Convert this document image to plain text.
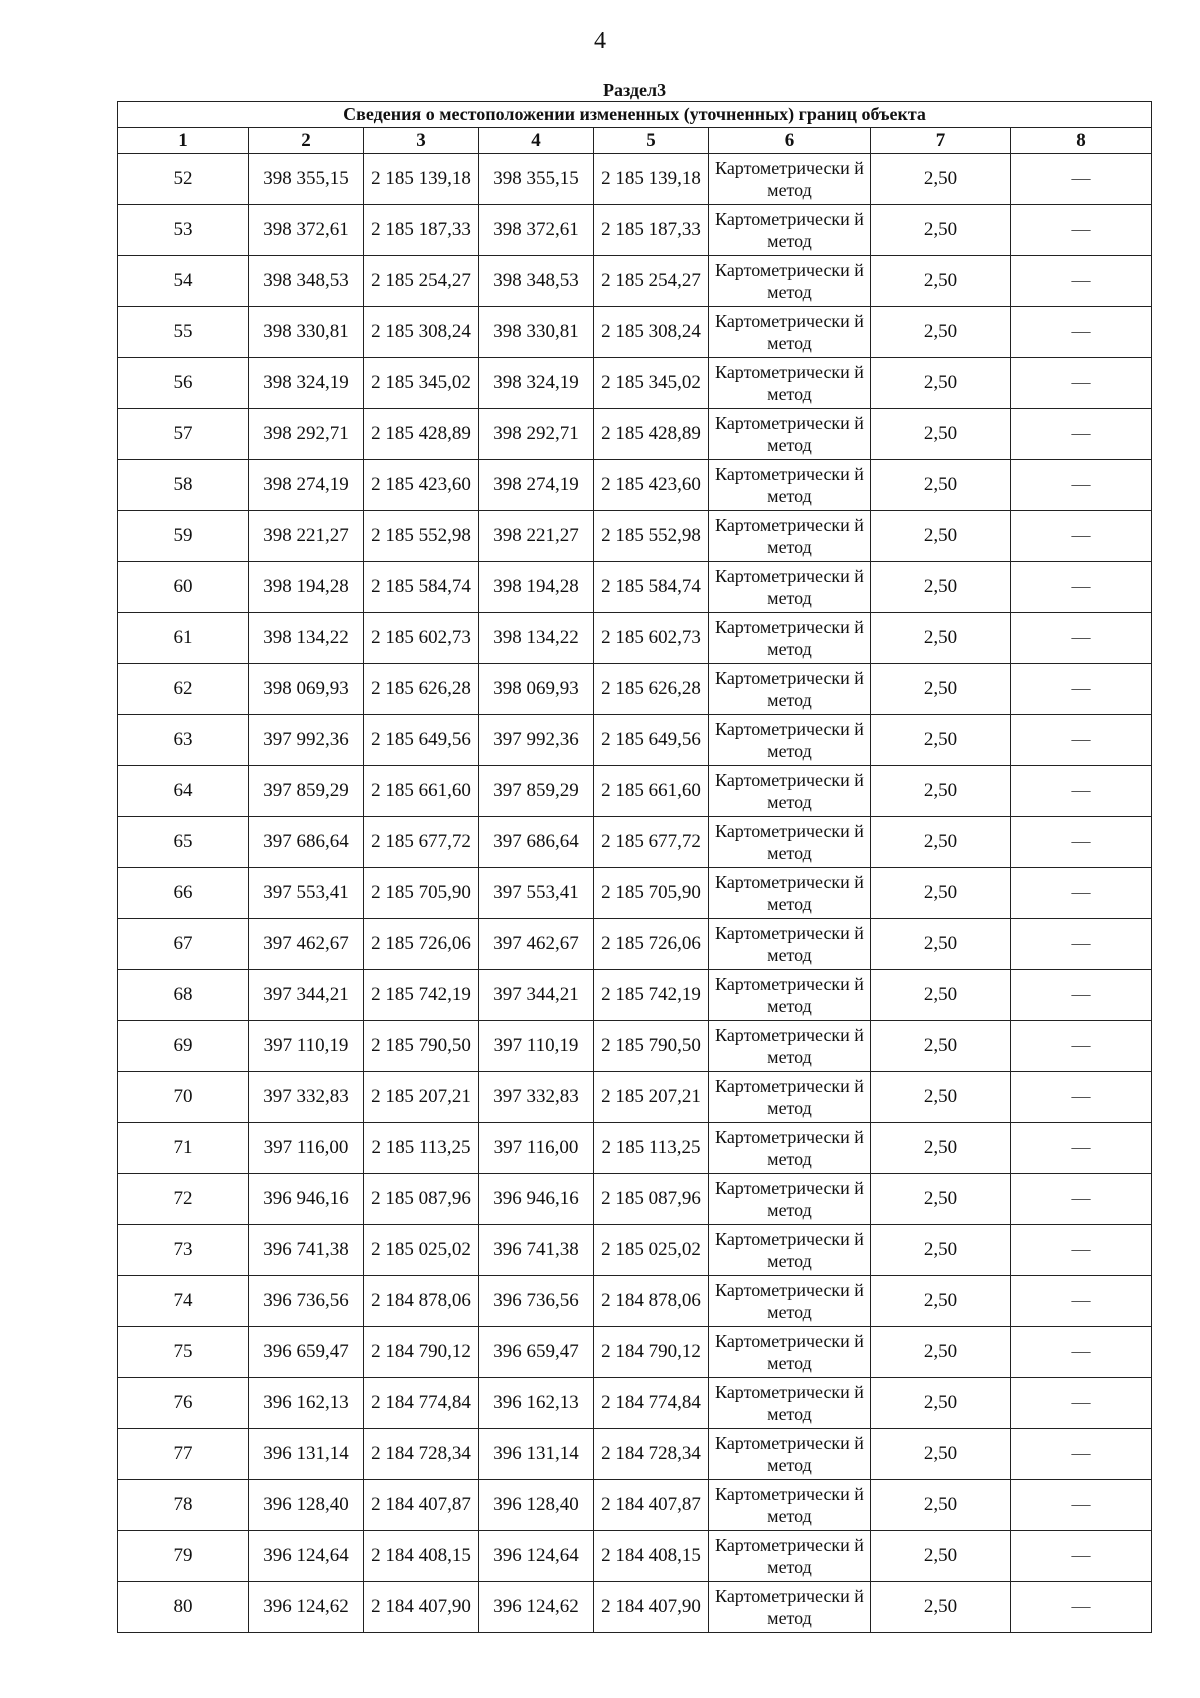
4
Раздел3							
Сведения о местоположении измененных (уточненных) границ объекта							
1	2	3	4	5	6	7	8
52	398 355,15	2 185 139,18	398 355,15	2 185 139,18	Картометрически й метод	2,50	—
53	398 372,61	2 185 187,33	398 372,61	2 185 187,33	Картометрически й метод	2,50	—
54	398 348,53	2 185 254,27	398 348,53	2 185 254,27	Картометрически й метод	2,50	—
55	398 330,81	2 185 308,24	398 330,81	2 185 308,24	Картометрически й метод	2,50	—
56	398 324,19	2 185 345,02	398 324,19	2 185 345,02	Картометрически й метод	2,50	—
57	398 292,71	2 185 428,89	398 292,71	2 185 428,89	Картометрически й метод	2,50	—
58	398 274,19	2 185 423,60	398 274,19	2 185 423,60	Картометрически й метод	2,50	—
59	398 221,27	2 185 552,98	398 221,27	2 185 552,98	Картометрически й метод	2,50	—
60	398 194,28	2 185 584,74	398 194,28	2 185 584,74	Картометрически й метод	2,50	—
61	398 134,22	2 185 602,73	398 134,22	2 185 602,73	Картометрически й метод	2,50	—
62	398 069,93	2 185 626,28	398 069,93	2 185 626,28	Картометрически й метод	2,50	—
63	397 992,36	2 185 649,56	397 992,36	2 185 649,56	Картометрически й метод	2,50	—
64	397 859,29	2 185 661,60	397 859,29	2 185 661,60	Картометрически й метод	2,50	—
65	397 686,64	2 185 677,72	397 686,64	2 185 677,72	Картометрически й метод	2,50	—
66	397 553,41	2 185 705,90	397 553,41	2 185 705,90	Картометрически й метод	2,50	—
67	397 462,67	2 185 726,06	397 462,67	2 185 726,06	Картометрически й метод	2,50	—
68	397 344,21	2 185 742,19	397 344,21	2 185 742,19	Картометрически й метод	2,50	—
69	397 110,19	2 185 790,50	397 110,19	2 185 790,50	Картометрически й метод	2,50	—
70	397 332,83	2 185 207,21	397 332,83	2 185 207,21	Картометрически й метод	2,50	—
71	397 116,00	2 185 113,25	397 116,00	2 185 113,25	Картометрически й метод	2,50	—
72	396 946,16	2 185 087,96	396 946,16	2 185 087,96	Картометрически й метод	2,50	—
73	396 741,38	2 185 025,02	396 741,38	2 185 025,02	Картометрически й метод	2,50	—
74	396 736,56	2 184 878,06	396 736,56	2 184 878,06	Картометрически й метод	2,50	—
75	396 659,47	2 184 790,12	396 659,47	2 184 790,12	Картометрически й метод	2,50	—
76	396 162,13	2 184 774,84	396 162,13	2 184 774,84	Картометрически й метод	2,50	—
77	396 131,14	2 184 728,34	396 131,14	2 184 728,34	Картометрически й метод	2,50	—
78	396 128,40	2 184 407,87	396 128,40	2 184 407,87	Картометрически й метод	2,50	—
79	396 124,64	2 184 408,15	396 124,64	2 184 408,15	Картометрически й метод	2,50	—
80	396 124,62	2 184 407,90	396 124,62	2 184 407,90	Картометрически й метод	2,50	—
